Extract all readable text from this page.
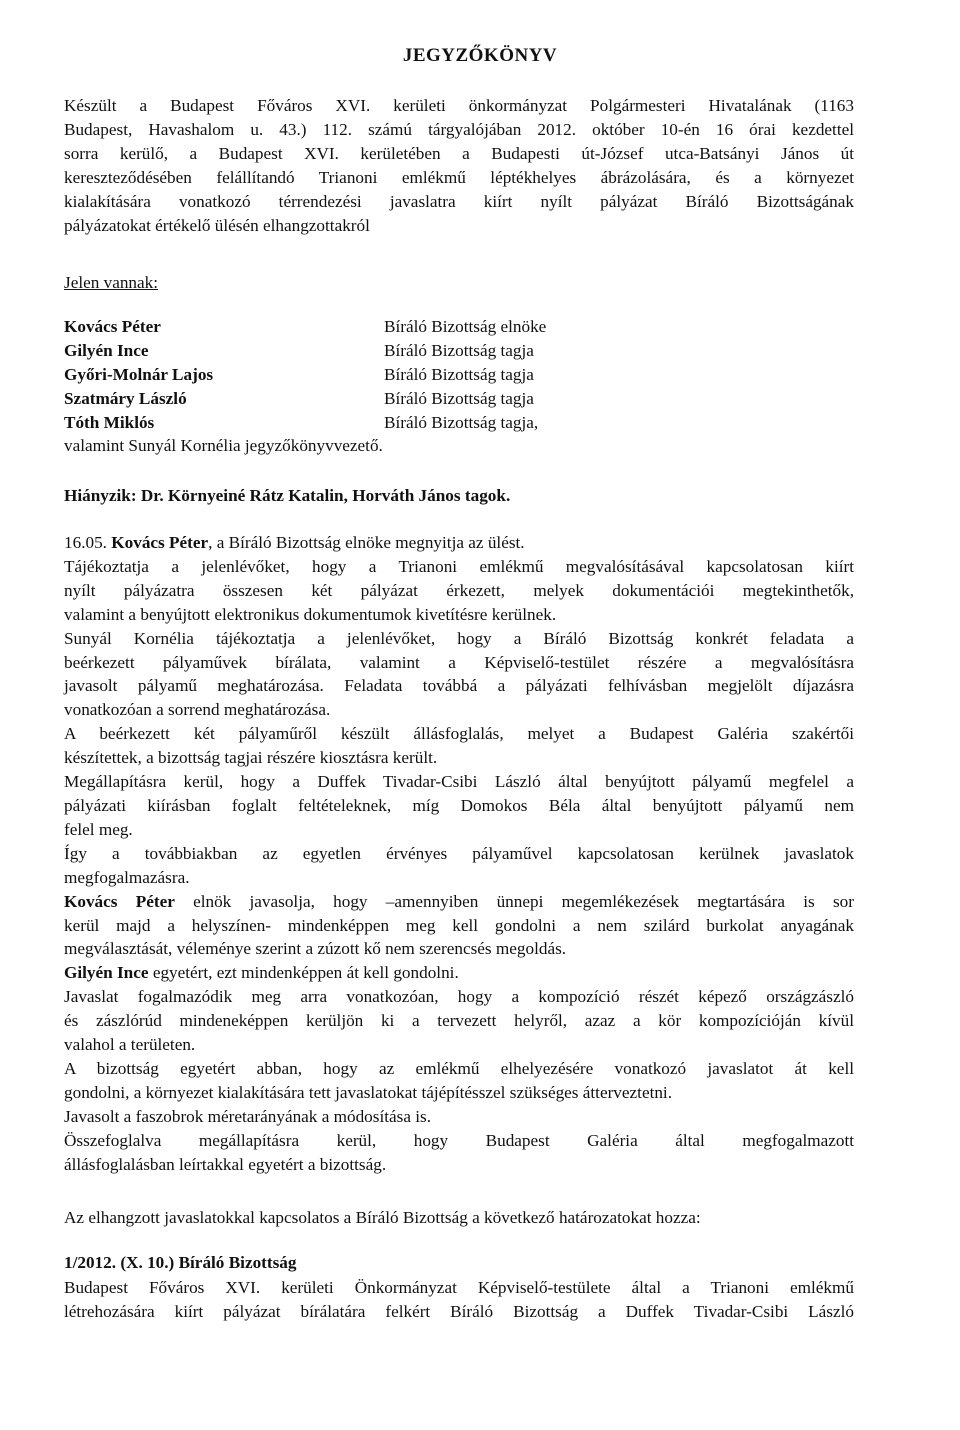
JEGYZŐKÖNYV
Készült a Budapest Főváros XVI. kerületi önkormányzat Polgármesteri Hivatalának (1163
Budapest, Havashalom u. 43.) 112. számú tárgyalójában 2012. október 10-én 16 órai kezdettel
sorra kerülő, a Budapest XVI. kerületében a Budapesti út-József utca-Batsányi János út
kereszteződésében felállítandó Trianoni emlékmű léptékhelyes ábrázolására, és a környezet
kialakítására vonatkozó térrendezési javaslatra kiírt nyílt pályázat Bíráló Bizottságának
pályázatokat értékelő ülésén elhangzottakról
Jelen vannak:
Kovács Péter	Bíráló Bizottság elnöke
Gilyén Ince	Bíráló Bizottság tagja
Győri-Molnár Lajos	Bíráló Bizottság tagja
Szatmáry László	Bíráló Bizottság tagja
Tóth Miklós	Bíráló Bizottság tagja,
valamint Sunyál Kornélia jegyzőkönyvvezető.
Hiányzik: Dr. Környeiné Rátz Katalin, Horváth János tagok.
16.05. Kovács Péter, a Bíráló Bizottság elnöke megnyitja az ülést.
Tájékoztatja a jelenlévőket, hogy a Trianoni emlékmű megvalósításával kapcsolatosan kiírt
nyílt pályázatra összesen két pályázat érkezett, melyek dokumentációi megtekinthetők,
valamint a benyújtott elektronikus dokumentumok kivetítésre kerülnek.
Sunyál Kornélia tájékoztatja a jelenlévőket, hogy a Bíráló Bizottság konkrét feladata a
beérkezett pályaművek bírálata, valamint a Képviselő-testület részére a megvalósításra
javasolt pályamű meghatározása. Feladata továbbá a pályázati felhívásban megjelölt díjazásra
vonatkozóan a sorrend meghatározása.
A beérkezett két pályaműről készült állásfoglalás, melyet a Budapest Galéria szakértői
készítettek, a bizottság tagjai részére kiosztásra került.
Megállapításra kerül, hogy a Duffek Tivadar-Csibi László által benyújtott pályamű megfelel a
pályázati kiírásban foglalt feltételeknek, míg Domokos Béla által benyújtott pályamű nem
felel meg.
Így a továbbiakban az egyetlen érvényes pályaművel kapcsolatosan kerülnek javaslatok
megfogalmazásra.
Kovács Péter elnök javasolja, hogy –amennyiben ünnepi megemlékezések megtartására is sor
kerül majd a helyszínen- mindenképpen meg kell gondolni a nem szilárd burkolat anyagának
megválasztását, véleménye szerint a zúzott kő nem szerencsés megoldás.
Gilyén Ince egyetért, ezt mindenképpen át kell gondolni.
Javaslat fogalmazódik meg arra vonatkozóan, hogy a kompozíció részét képező országzászló
és zászlórúd mindeneképpen kerüljön ki a tervezett helyről, azaz a kör kompozícióján kívül
valahol a területen.
A bizottság egyetért abban, hogy az emlékmű elhelyezésére vonatkozó javaslatot át kell
gondolni, a környezet kialakítására tett javaslatokat tájépítésszel szükséges átterveztetni.
Javasolt a faszobrok méretarányának a módosítása is.
Összefoglalva megállapításra kerül, hogy Budapest Galéria által megfogalmazott
állásfoglalásban leírtakkal egyetért a bizottság.
Az elhangzott javaslatokkal kapcsolatos a Bíráló Bizottság a következő határozatokat hozza:
1/2012. (X. 10.) Bíráló Bizottság
Budapest Főváros XVI. kerületi Önkormányzat Képviselő-testülete által a Trianoni emlékmű
létrehozására kiírt pályázat bírálatára felkért Bíráló Bizottság a Duffek Tivadar-Csibi László
